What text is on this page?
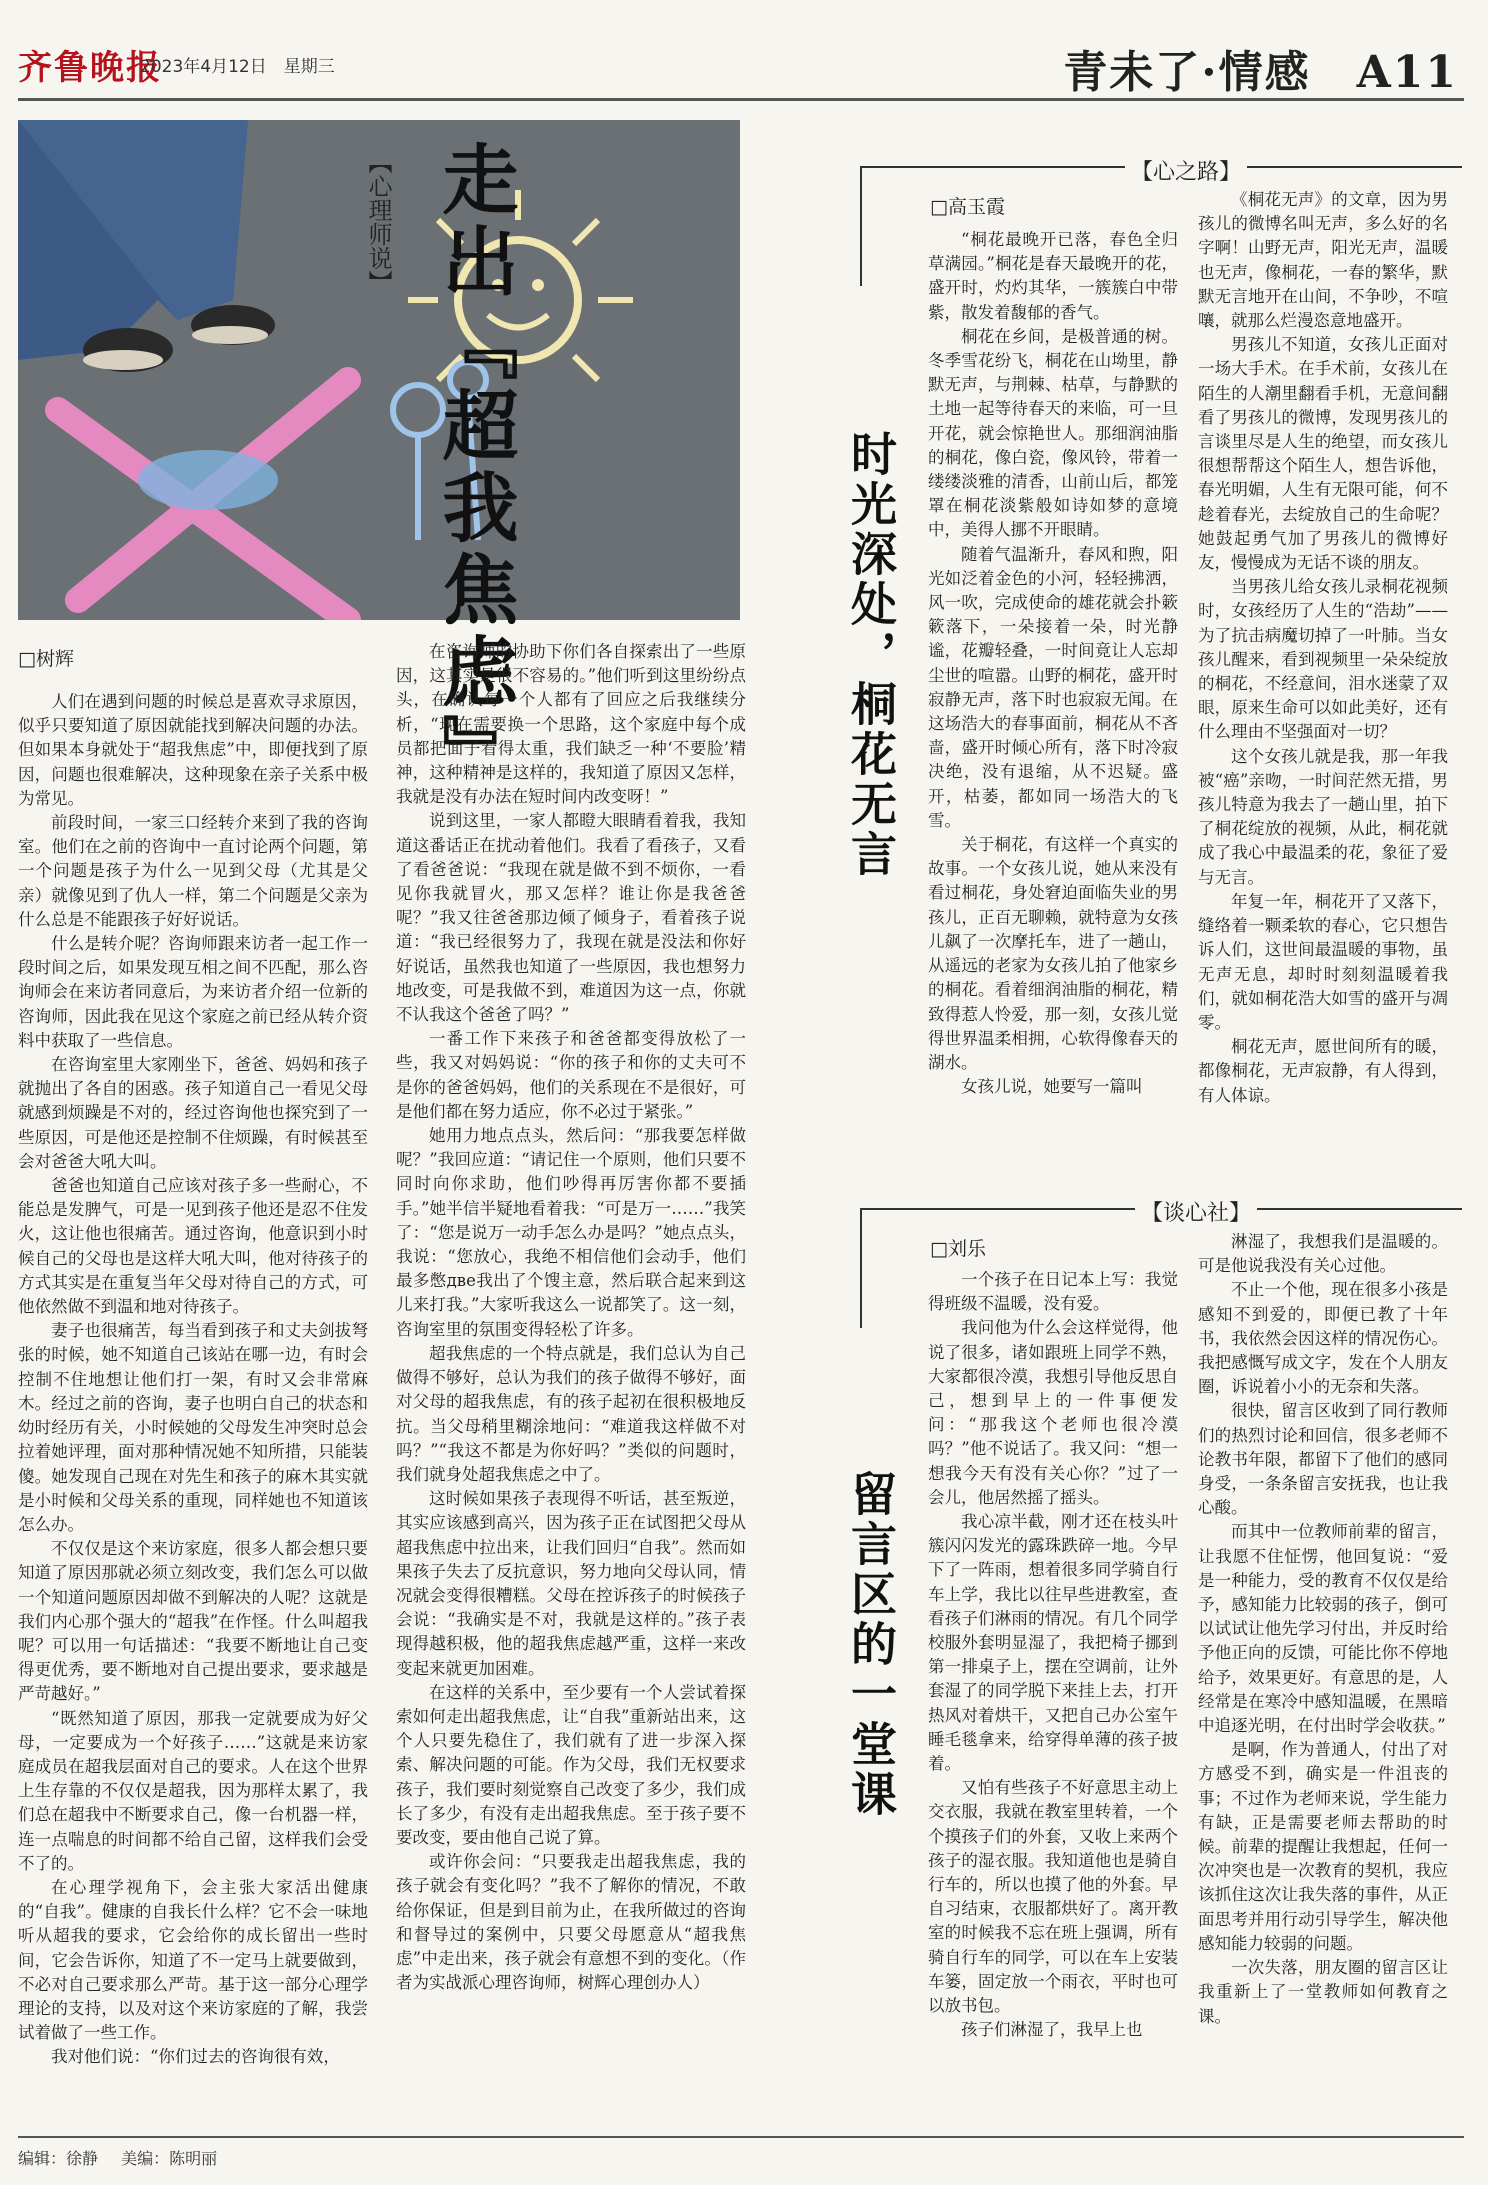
齐鲁晚报
2023年4月12日　星期三	青未了·情感　A11
【心理师说】 走出『超我焦虑』
□树辉

人们在遇到问题的时候总是喜欢寻求原因，似乎只要知道了原因就能找到解决问题的办法。但如果本身就处于“超我焦虑”中，即便找到了原因，问题也很难解决，这种现象在亲子关系中极为常见。

前段时间，一家三口经转介来到了我的咨询室。他们在之前的咨询中一直讨论两个问题，第一个问题是孩子为什么一见到父母（尤其是父亲）就像见到了仇人一样，第二个问题是父亲为什么总是不能跟孩子好好说话。

什么是转介呢？咨询师跟来访者一起工作一段时间之后，如果发现互相之间不匹配，那么咨询师会在来访者同意后，为来访者介绍一位新的咨询师，因此我在见这个家庭之前已经从转介资料中获取了一些信息。

在咨询室里大家刚坐下，爸爸、妈妈和孩子就抛出了各自的困惑。孩子知道自己一看见父母就感到烦躁是不对的，经过咨询他也探究到了一些原因，可是他还是控制不住烦躁，有时候甚至会对爸爸大吼大叫。

爸爸也知道自己应该对孩子多一些耐心，不能总是发脾气，可是一见到孩子他还是忍不住发火，这让他也很痛苦。通过咨询，他意识到小时候自己的父母也是这样大吼大叫，他对待孩子的方式其实是在重复当年父母对待自己的方式，可他依然做不到温和地对待孩子。

妻子也很痛苦，每当看到孩子和丈夫剑拔弩张的时候，她不知道自己该站在哪一边，有时会控制不住地想让他们打一架，有时又会非常麻木。经过之前的咨询，妻子也明白自己的状态和幼时经历有关，小时候她的父母发生冲突时总会拉着她评理，面对那种情况她不知所措，只能装傻。她发现自己现在对先生和孩子的麻木其实就是小时候和父母关系的重现，同样她也不知道该怎么办。

不仅仅是这个来访家庭，很多人都会想只要知道了原因那就必须立刻改变，我们怎么可以做一个知道问题原因却做不到解决的人呢？这就是我们内心那个强大的“超我”在作怪。什么叫超我呢？可以用一句话描述：“我要不断地让自己变得更优秀，要不断地对自己提出要求，要求越是严苛越好。”

“既然知道了原因，那我一定就要成为好父母，一定要成为一个好孩子……”这就是来访家庭成员在超我层面对自己的要求。人在这个世界上生存靠的不仅仅是超我，因为那样太累了，我们总在超我中不断要求自己，像一台机器一样，连一点喘息的时间都不给自己留，这样我们会受不了的。

在心理学视角下，会主张大家活出健康的“自我”。健康的自我长什么样？它不会一味地听从超我的要求，它会给你的成长留出一些时间，它会告诉你，知道了不一定马上就要做到，不必对自己要求那么严苛。基于这一部分心理学理论的支持，以及对这个来访家庭的了解，我尝试着做了一些工作。

我对他们说：“你们过去的咨询很有效，

在咨询师的协助下你们各自探索出了一些原因，这其实是很不容易的。”他们听到这里纷纷点头，在确认每一个人都有了回应之后我继续分析，“现在需要换一个思路，这个家庭中每个成员都把面子看得太重，我们缺乏一种‘不要脸’精神，这种精神是这样的，我知道了原因又怎样，我就是没有办法在短时间内改变呀！”

说到这里，一家人都瞪大眼睛看着我，我知道这番话正在扰动着他们。我看了看孩子，又看了看爸爸说：“我现在就是做不到不烦你，一看见你我就冒火，那又怎样？谁让你是我爸爸呢？”我又往爸爸那边倾了倾身子，看着孩子说道：“我已经很努力了，我现在就是没法和你好好说话，虽然我也知道了一些原因，我也想努力地改变，可是我做不到，难道因为这一点，你就不认我这个爸爸了吗？”

一番工作下来孩子和爸爸都变得放松了一些，我又对妈妈说：“你的孩子和你的丈夫可不是你的爸爸妈妈，他们的关系现在不是很好，可是他们都在努力适应，你不必过于紧张。”

她用力地点点头，然后问：“那我要怎样做呢？”我回应道：“请记住一个原则，他们只要不同时向你求助，他们吵得再厉害你都不要插手。”她半信半疑地看着我：“可是万一……”我笑了：“您是说万一动手怎么办是吗？”她点点头，我说：“您放心，我绝不相信他们会动手，他们最多憋две我出了个馊主意，然后联合起来到这儿来打我。”大家听我这么一说都笑了。这一刻，咨询室里的氛围变得轻松了许多。

超我焦虑的一个特点就是，我们总认为自己做得不够好，总认为我们的孩子做得不够好，面对父母的超我焦虑，有的孩子起初在很积极地反抗。当父母稍里糊涂地问：“难道我这样做不对吗？”“我这不都是为你好吗？”类似的问题时，我们就身处超我焦虑之中了。

这时候如果孩子表现得不听话，甚至叛逆，其实应该感到高兴，因为孩子正在试图把父母从超我焦虑中拉出来，让我们回归“自我”。然而如果孩子失去了反抗意识，努力地向父母认同，情况就会变得很糟糕。父母在控诉孩子的时候孩子会说：“我确实是不对，我就是这样的。”孩子表现得越积极，他的超我焦虑越严重，这样一来改变起来就更加困难。

在这样的关系中，至少要有一个人尝试着探索如何走出超我焦虑，让“自我”重新站出来，这个人只要先稳住了，我们就有了进一步深入探索、解决问题的可能。作为父母，我们无权要求孩子，我们要时刻觉察自己改变了多少，我们成长了多少，有没有走出超我焦虑。至于孩子要不要改变，要由他自己说了算。

或许你会问：“只要我走出超我焦虑，我的孩子就会有变化吗？”我不了解你的情况，不敢给你保证，但是到目前为止，在我所做过的咨询和督导过的案例中，只要父母愿意从“超我焦虑”中走出来，孩子就会有意想不到的变化。（作者为实战派心理咨询师，树辉心理创办人）

【心之路】
时光深处，桐花无言
□高玉霞

“桐花最晚开已落，春色全归草满园。”桐花是春天最晚开的花，盛开时，灼灼其华，一簇簇白中带紫，散发着馥郁的香气。

桐花在乡间，是极普通的树。冬季雪花纷飞，桐花在山坳里，静默无声，与荆棘、枯草，与静默的土地一起等待春天的来临，可一旦开花，就会惊艳世人。那细润油脂的桐花，像白瓷，像风铃，带着一缕缕淡雅的清香，山前山后，都笼罩在桐花淡紫般如诗如梦的意境中，美得人挪不开眼睛。

随着气温渐升，春风和煦，阳光如泛着金色的小河，轻轻拂洒，风一吹，完成使命的雄花就会扑簌簌落下，一朵接着一朵，时光静谧，花瓣轻叠，一时间竟让人忘却尘世的喧嚣。山野的桐花，盛开时寂静无声，落下时也寂寂无闻。在这场浩大的春事面前，桐花从不吝啬，盛开时倾心所有，落下时冷寂决绝，没有退缩，从不迟疑。盛开，枯萎，都如同一场浩大的飞雪。

关于桐花，有这样一个真实的故事。一个女孩儿说，她从来没有看过桐花，身处窘迫面临失业的男孩儿，正百无聊赖，就特意为女孩儿飙了一次摩托车，进了一趟山，从遥远的老家为女孩儿拍了他家乡的桐花。看着细润油脂的桐花，精致得惹人怜爱，那一刻，女孩儿觉得世界温柔相拥，心软得像春天的湖水。

女孩儿说，她要写一篇叫

《桐花无声》的文章，因为男孩儿的微博名叫无声，多么好的名字啊！山野无声，阳光无声，温暖也无声，像桐花，一春的繁华，默默无言地开在山间，不争吵，不喧嚷，就那么烂漫恣意地盛开。

男孩儿不知道，女孩儿正面对一场大手术。在手术前，女孩儿在陌生的人潮里翻看手机，无意间翻看了男孩儿的微博，发现男孩儿的言谈里尽是人生的绝望，而女孩儿很想帮帮这个陌生人，想告诉他，春光明媚，人生有无限可能，何不趁着春光，去绽放自己的生命呢？她鼓起勇气加了男孩儿的微博好友，慢慢成为无话不谈的朋友。

当男孩儿给女孩儿录桐花视频时，女孩经历了人生的“浩劫”——为了抗击病魔切掉了一叶肺。当女孩儿醒来，看到视频里一朵朵绽放的桐花，不经意间，泪水迷蒙了双眼，原来生命可以如此美好，还有什么理由不坚强面对一切？

这个女孩儿就是我，那一年我被“癌”亲吻，一时间茫然无措，男孩儿特意为我去了一趟山里，拍下了桐花绽放的视频，从此，桐花就成了我心中最温柔的花，象征了爱与无言。

年复一年，桐花开了又落下，缝络着一颗柔软的春心，它只想告诉人们，这世间最温暖的事物，虽无声无息，却时时刻刻温暖着我们，就如桐花浩大如雪的盛开与凋零。

桐花无声，愿世间所有的暖，都像桐花，无声寂静，有人得到，有人体谅。

【谈心社】
留言区的一堂课
□刘乐

一个孩子在日记本上写：我觉得班级不温暖，没有爱。

我问他为什么会这样觉得，他说了很多，诸如跟班上同学不熟，大家都很冷漠，我想引导他反思自己，想到早上的一件事便发问：“那我这个老师也很冷漠吗？”他不说话了。我又问：“想一想我今天有没有关心你？”过了一会儿，他居然摇了摇头。

我心凉半截，刚才还在枝头叶簇闪闪发光的露珠跌碎一地。今早下了一阵雨，想着很多同学骑自行车上学，我比以往早些进教室，查看孩子们淋雨的情况。有几个同学校服外套明显湿了，我把椅子挪到第一排桌子上，摆在空调前，让外套湿了的同学脱下来挂上去，打开热风对着烘干，又把自己办公室午睡毛毯拿来，给穿得单薄的孩子披着。

又怕有些孩子不好意思主动上交衣服，我就在教室里转着，一个个摸孩子们的外套，又收上来两个孩子的湿衣服。我知道他也是骑自行车的，所以也摸了他的外套。早自习结束，衣服都烘好了。离开教室的时候我不忘在班上强调，所有骑自行车的同学，可以在车上安装车篓，固定放一个雨衣，平时也可以放书包。

孩子们淋湿了，我早上也

淋湿了，我想我们是温暖的。可是他说我没有关心过他。

不止一个他，现在很多小孩是感知不到爱的，即便已教了十年书，我依然会因这样的情况伤心。我把感慨写成文字，发在个人朋友圈，诉说着小小的无奈和失落。

很快，留言区收到了同行教师们的热烈讨论和回信，很多老师不论教书年限，都留下了他们的感同身受，一条条留言安抚我，也让我心酸。

而其中一位教师前辈的留言，让我愿不住怔愣，他回复说：“爱是一种能力，受的教育不仅仅是给予，感知能力比较弱的孩子，倒可以试试让他先学习付出，并反时给予他正向的反馈，可能比你不停地给予，效果更好。有意思的是，人经常是在寒冷中感知温暖，在黑暗中追逐光明，在付出时学会收获。”

是啊，作为普通人，付出了对方感受不到，确实是一件沮丧的事；不过作为老师来说，学生能力有缺，正是需要老师去帮助的时候。前辈的提醒让我想起，任何一次冲突也是一次教育的契机，我应该抓住这次让我失落的事件，从正面思考并用行动引导学生，解决他感知能力较弱的问题。

一次失落，朋友圈的留言区让我重新上了一堂教师如何教育之课。

编辑：徐静 美编：陈明丽
